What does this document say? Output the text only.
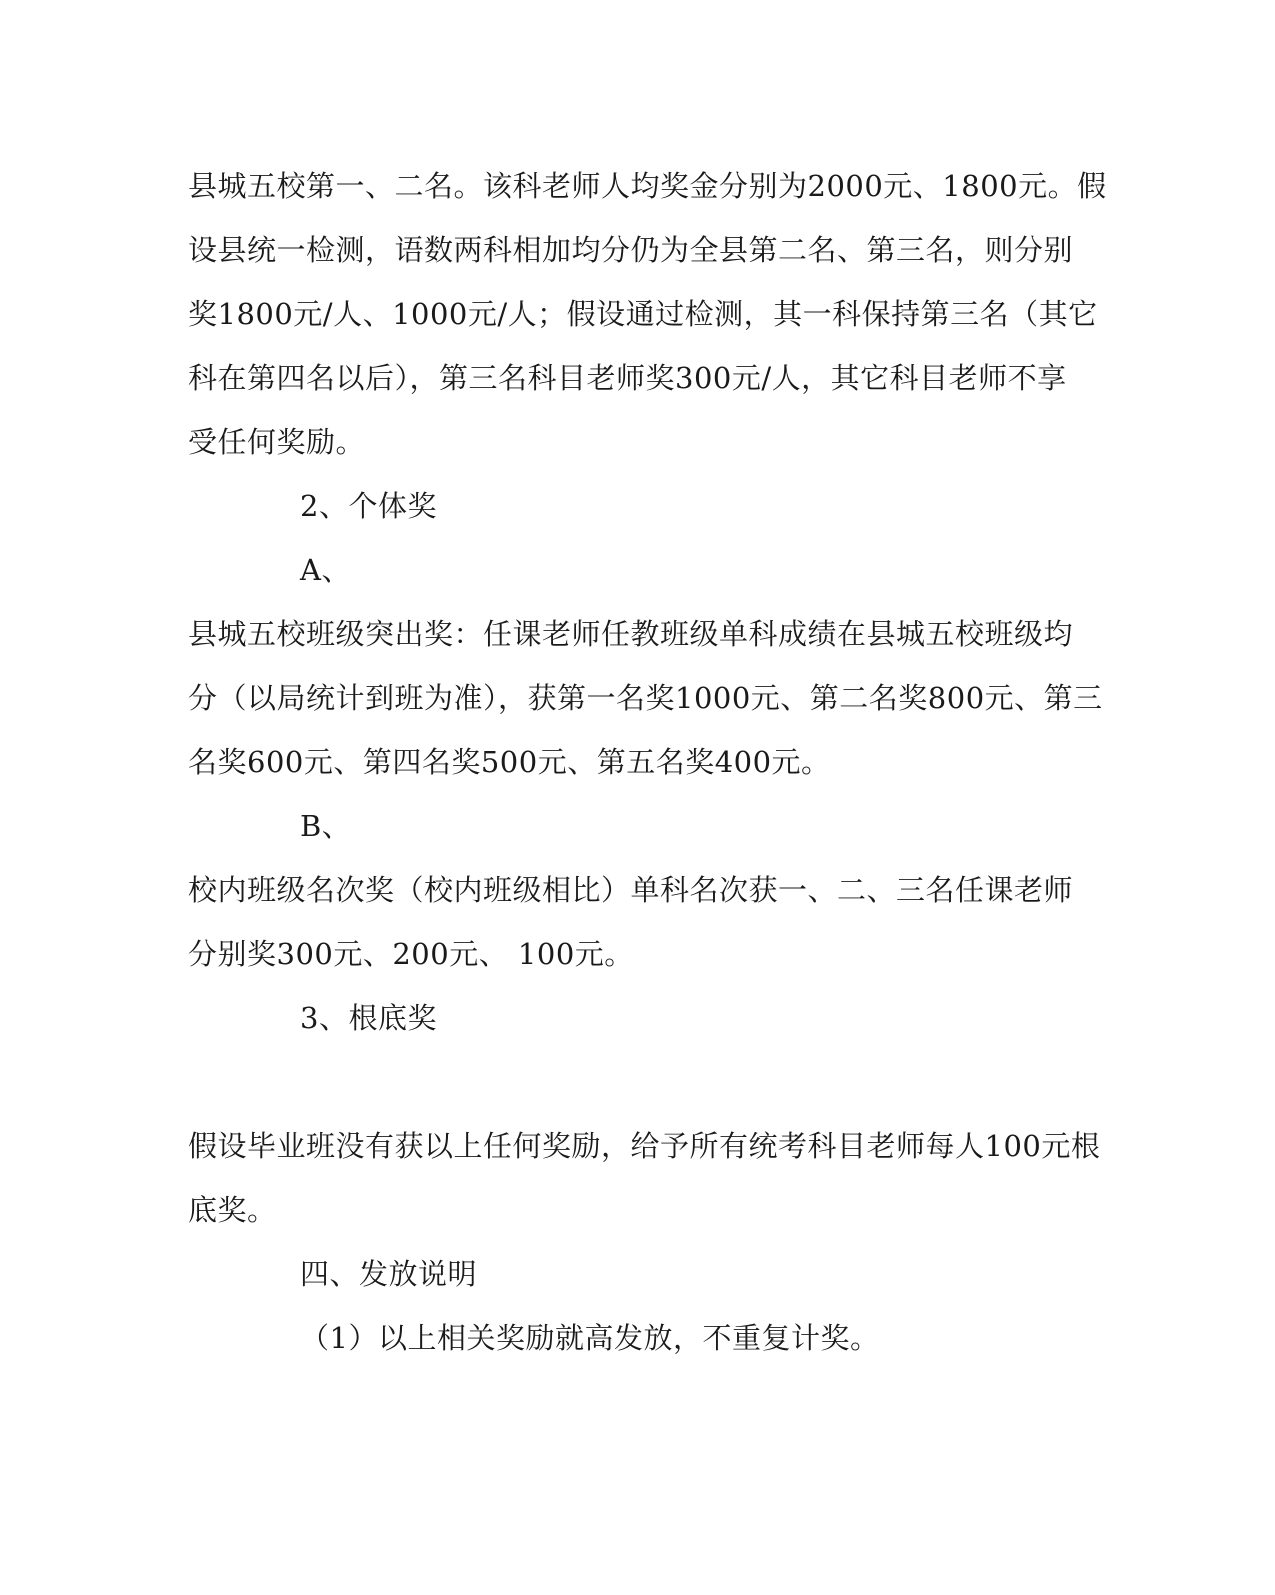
县城五校第一、二名。该科老师人均奖金分别为2000元、1800元。假
设县统一检测，语数两科相加均分仍为全县第二名、第三名，则分别
奖1800元/人、1000元/人；假设通过检测，其一科保持第三名（其它
科在第四名以后），第三名科目老师奖300元/人，其它科目老师不享
受任何奖励。
2、个体奖
A、
县城五校班级突出奖：任课老师任教班级单科成绩在县城五校班级均
分（以局统计到班为准），获第一名奖1000元、第二名奖800元、第三
名奖600元、第四名奖500元、第五名奖400元。
B、
校内班级名次奖（校内班级相比）单科名次获一、二、三名任课老师
分别奖300元、200元、 100元。
3、根底奖
假设毕业班没有获以上任何奖励，给予所有统考科目老师每人100元根
底奖。
四、发放说明
（1）以上相关奖励就高发放，不重复计奖。
